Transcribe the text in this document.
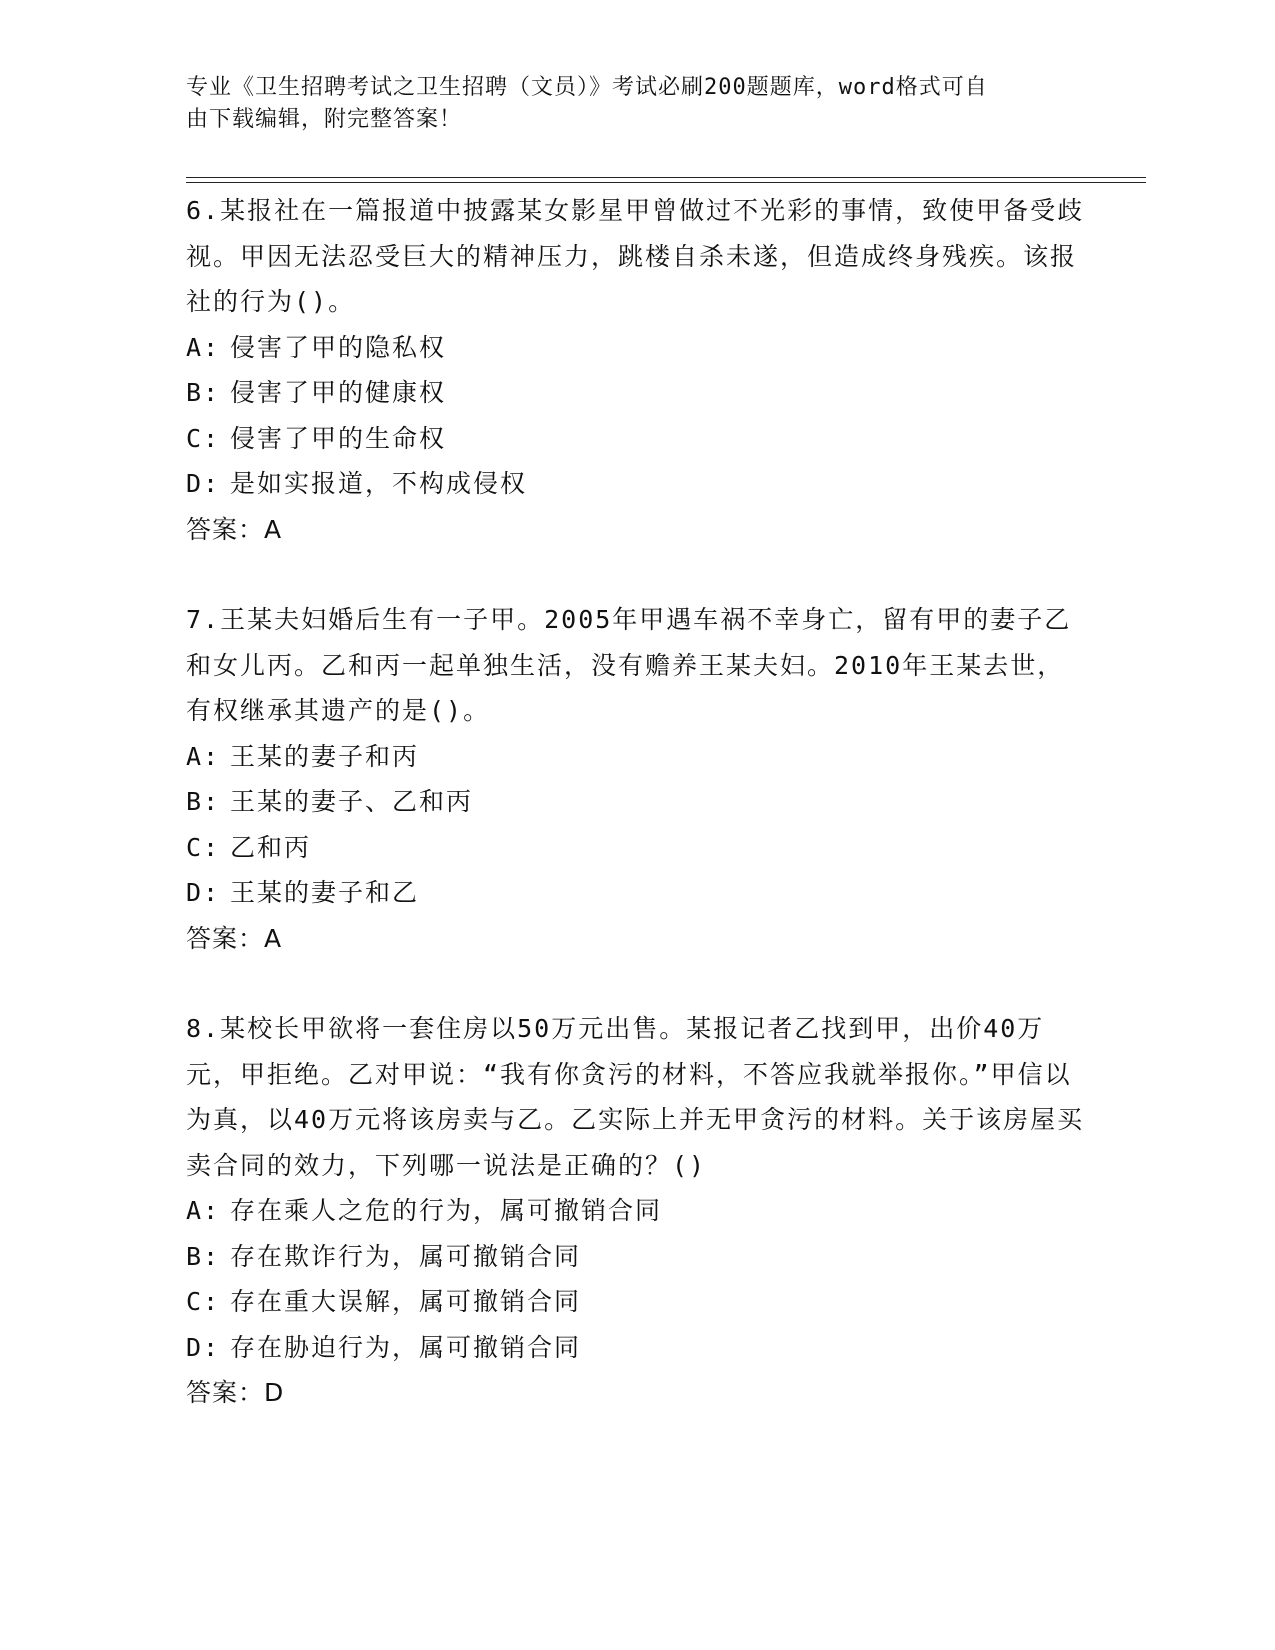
专业《卫生招聘考试之卫生招聘（文员）》考试必刷200题题库，word格式可自
由下载编辑，附完整答案！

6.某报社在一篇报道中披露某女影星甲曾做过不光彩的事情，致使甲备受歧视。甲因无法忍受巨大的精神压力，跳楼自杀未遂，但造成终身残疾。该报社的行为()。

A: 侵害了甲的隐私权

B: 侵害了甲的健康权

C: 侵害了甲的生命权

D: 是如实报道，不构成侵权

答案：A

7.王某夫妇婚后生有一子甲。2005年甲遇车祸不幸身亡，留有甲的妻子乙和女儿丙。乙和丙一起单独生活，没有赡养王某夫妇。2010年王某去世，有权继承其遗产的是()。

A: 王某的妻子和丙

B: 王某的妻子、乙和丙

C: 乙和丙

D: 王某的妻子和乙

答案：A

8.某校长甲欲将一套住房以50万元出售。某报记者乙找到甲，出价40万元，甲拒绝。乙对甲说：“我有你贪污的材料，不答应我就举报你。”甲信以为真，以40万元将该房卖与乙。乙实际上并无甲贪污的材料。关于该房屋买卖合同的效力，下列哪一说法是正确的？()

A: 存在乘人之危的行为，属可撤销合同

B: 存在欺诈行为，属可撤销合同

C: 存在重大误解，属可撤销合同

D: 存在胁迫行为，属可撤销合同

答案：D
